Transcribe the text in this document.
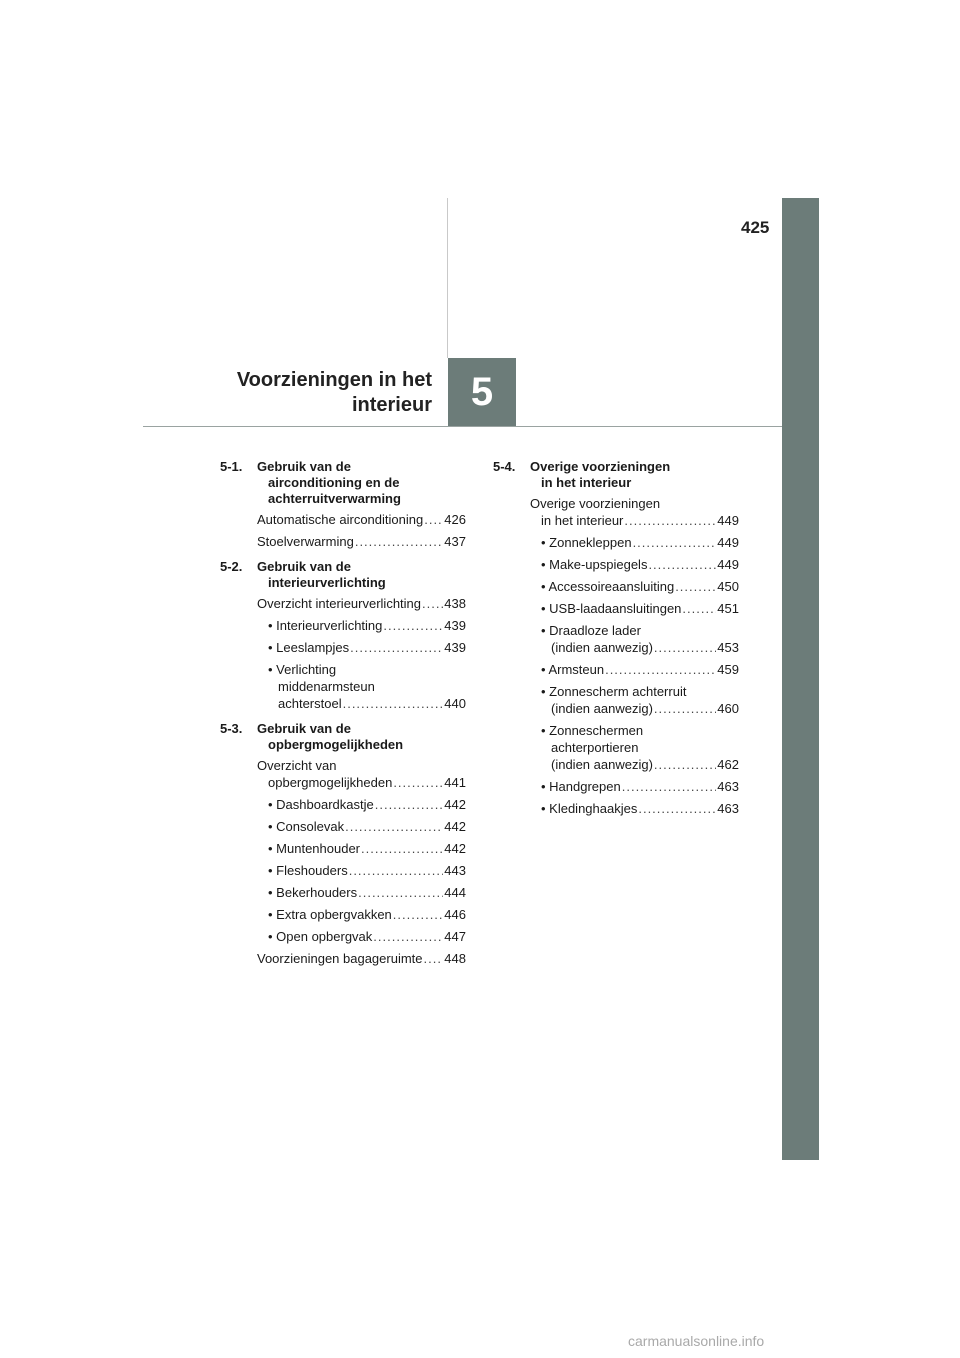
425
5
Voorzieningen in het
interieur
5-1.	Gebruik van de
airconditioning en de
achterruitverwarming
Automatische airconditioning ..... 426
Stoelverwarming .....	437
5-2.	Gebruik van de
interieurverlichting
Overzicht interieurverlichting ..... 438
• Interieurverlichting .....	439
• Leeslampjes .....	439
• Verlichting
middenarmsteun
achterstoel .....	440
5-3.	Gebruik van de
opbergmogelijkheden
Overzicht van
opbergmogelijkheden .....	441
• Dashboardkastje .....	442
• Consolevak .....	442
• Muntenhouder .....	442
• Fleshouders .....	443
• Bekerhouders .....	444
• Extra opbergvakken .....	446
• Open opbergvak .....	447
Voorzieningen bagageruimte ..... 448
5-4.	Overige voorzieningen
in het interieur
Overige voorzieningen
in het interieur .....	449
• Zonnekleppen .....	449
• Make-upspiegels .....	449
• Accessoireaansluiting .....	450
• USB-laadaansluitingen .....	451
• Draadloze lader
(indien aanwezig) .....	453
• Armsteun .....	459
• Zonnescherm achterruit
(indien aanwezig) .....	460
• Zonneschermen
achterportieren
(indien aanwezig) .....	462
• Handgrepen .....	463
• Kledinghaakjes .....	463
carmanualsonline.info
